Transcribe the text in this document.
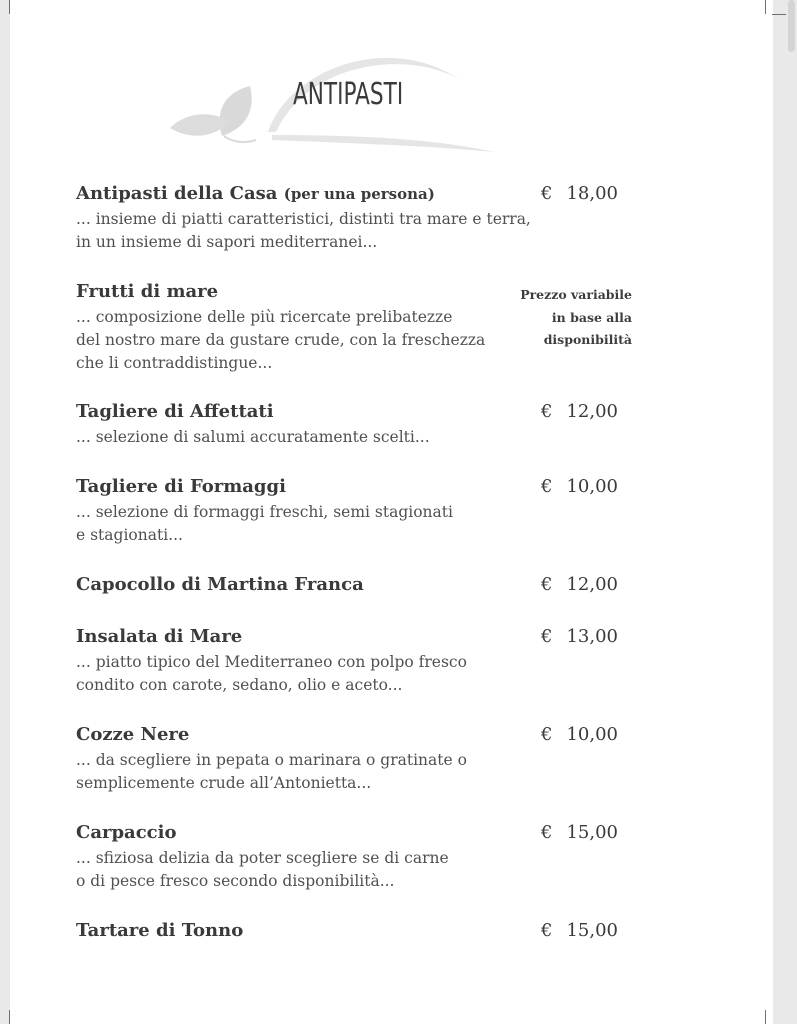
ANTIPASTI
Antipasti della Casa (per una persona)
... insieme di piatti caratteristici, distinti tra mare e terra,
in un insieme di sapori mediterranei...
€ 18,00
Frutti di mare
... composizione delle più ricercate prelibatezze
del nostro mare da gustare crude, con la freschezza
che li contraddistingue...
Prezzo variabile
in base alla
disponibilità
Tagliere di Affettati
... selezione di salumi accuratamente scelti...
€ 12,00
Tagliere di Formaggi
... selezione di formaggi freschi, semi stagionati
e stagionati...
€ 10,00
Capocollo di Martina Franca	€ 12,00
Insalata di Mare
... piatto tipico del Mediterraneo con polpo fresco
condito con carote, sedano, olio e aceto...
€ 13,00
Cozze Nere
... da scegliere in pepata o marinara o gratinate o
semplicemente crude all’Antonietta...
€ 10,00
Carpaccio
... sfiziosa delizia da poter scegliere se di carne
o di pesce fresco secondo disponibilità...
€ 15,00
Tartare di Tonno	€ 15,00
